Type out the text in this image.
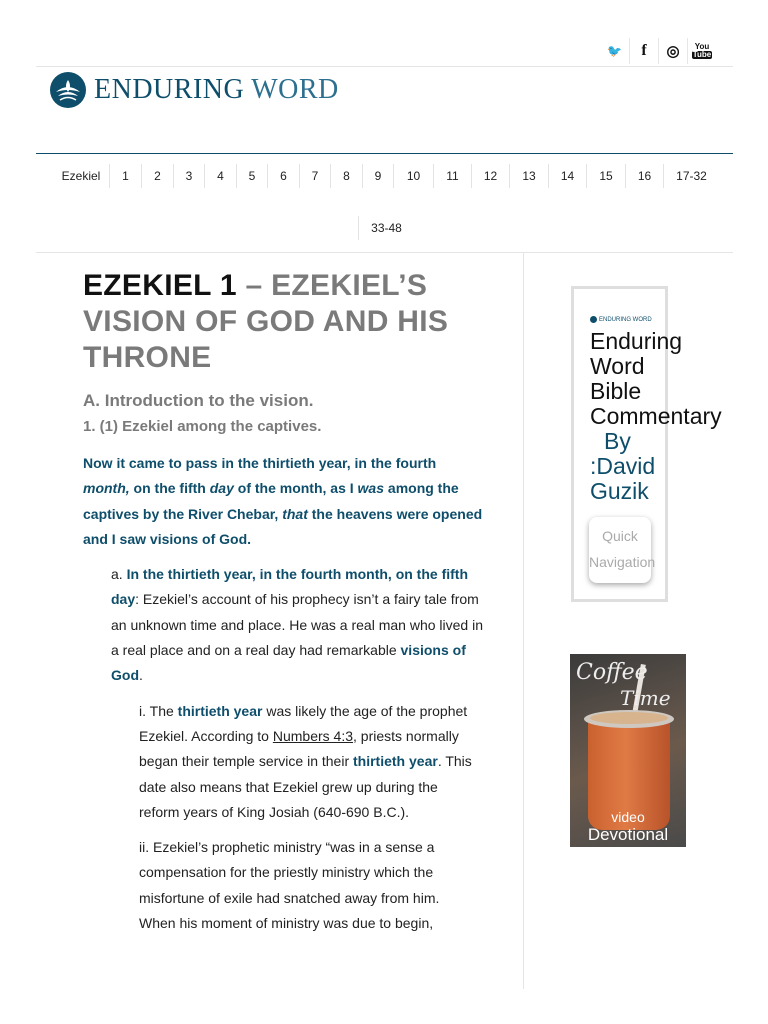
🐦 f ◎ You
Tube
ENDURING WORD
Ezekiel	1	2	3	4	5	6	7	8	9	10	11	12	13	14	15	16	17-32
33-48
EZEKIEL 1 – EZEKIEL’S VISION OF GOD AND HIS THRONE
A. Introduction to the vision.
1. (1) Ezekiel among the captives.

Now it came to pass in the thirtieth year, in the fourth month, on the fifth day of the month, as I was among the captives by the River Chebar, that the heavens were opened and I saw visions of God.

a. In the thirtieth year, in the fourth month, on the fifth day: Ezekiel’s account of his prophecy isn’t a fairy tale from an unknown time and place. He was a real man who lived in a real place and on a real day had remarkable visions of God.

i. The thirtieth year was likely the age of the prophet Ezekiel. According to Numbers 4:3, priests normally began their temple service in their thirtieth year. This date also means that Ezekiel grew up during the reform years of King Josiah (640-690 B.C.).

ii. Ezekiel’s prophetic ministry “was in a sense a compensation for the priestly ministry which the misfortune of exile had snatched away from him. When his moment of ministry was due to begin,

ENDURING WORD
Enduring
Word
Bible
Commentary
By
:David
Guzik
Quick Navigation
Coffee
Time
video
Devotional
